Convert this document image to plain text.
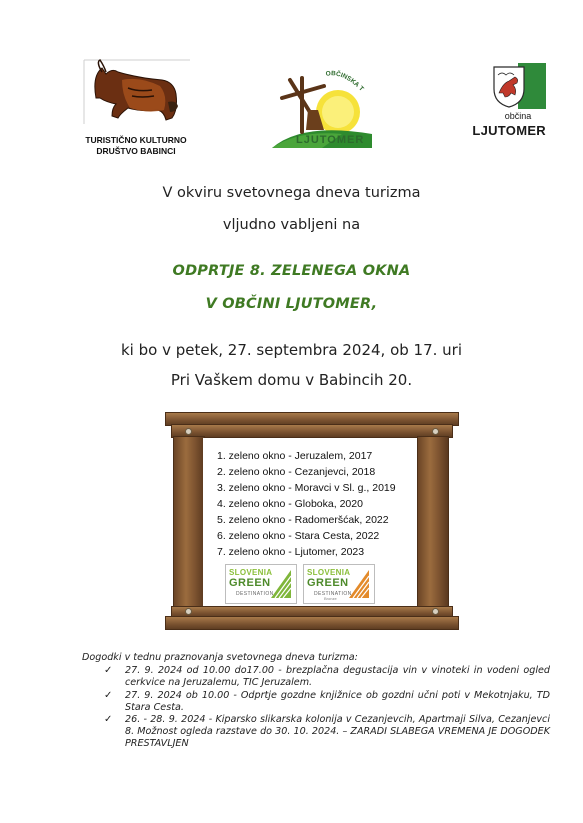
TURISTIČNO KULTURNO
DRUŠTVO BABINCI
OBČINSKA T
LJUTOMER
občina
LJUTOMER
V okviru svetovnega dneva turizma
vljudno vabljeni na
ODPRTJE 8. ZELENEGA OKNA
V OBČINI LJUTOMER,
ki bo v petek, 27. septembra 2024, ob 17. uri
Pri Vaškem domu v Babincih 20.
1. zeleno okno - Jeruzalem, 2017
2. zeleno okno - Cezanjevci, 2018
3. zeleno okno - Moravci v Sl. g., 2019
4. zeleno okno - Globoka, 2020
5. zeleno okno - Radomeršćak, 2022
6. zeleno okno - Stara Cesta, 2022
7. zeleno okno - Ljutomer, 2023
SLOVENIA
GREEN
DESTINATION
SLOVENIA
GREEN
DESTINATION
Bronze

Dogodki v tednu praznovanja svetovnega dneva turizma:

✓ 27. 9. 2024 od 10.00 do17.00 - brezplačna degustacija vin v vinoteki in vodeni ogled cerkvice na Jeruzalemu, TIC Jeruzalem.

✓ 27. 9. 2024 ob 10.00 - Odprtje gozdne knjižnice ob gozdni učni poti v Mekotnjaku, TD Stara Cesta.

✓ 26. - 28. 9. 2024 - Kiparsko slikarska kolonija v Cezanjevcih, Apartmaji Silva, Cezanjevci 8. Možnost ogleda razstave do 30. 10. 2024. – ZARADI SLABEGA VREMENA JE DOGODEK PRESTAVLJEN
